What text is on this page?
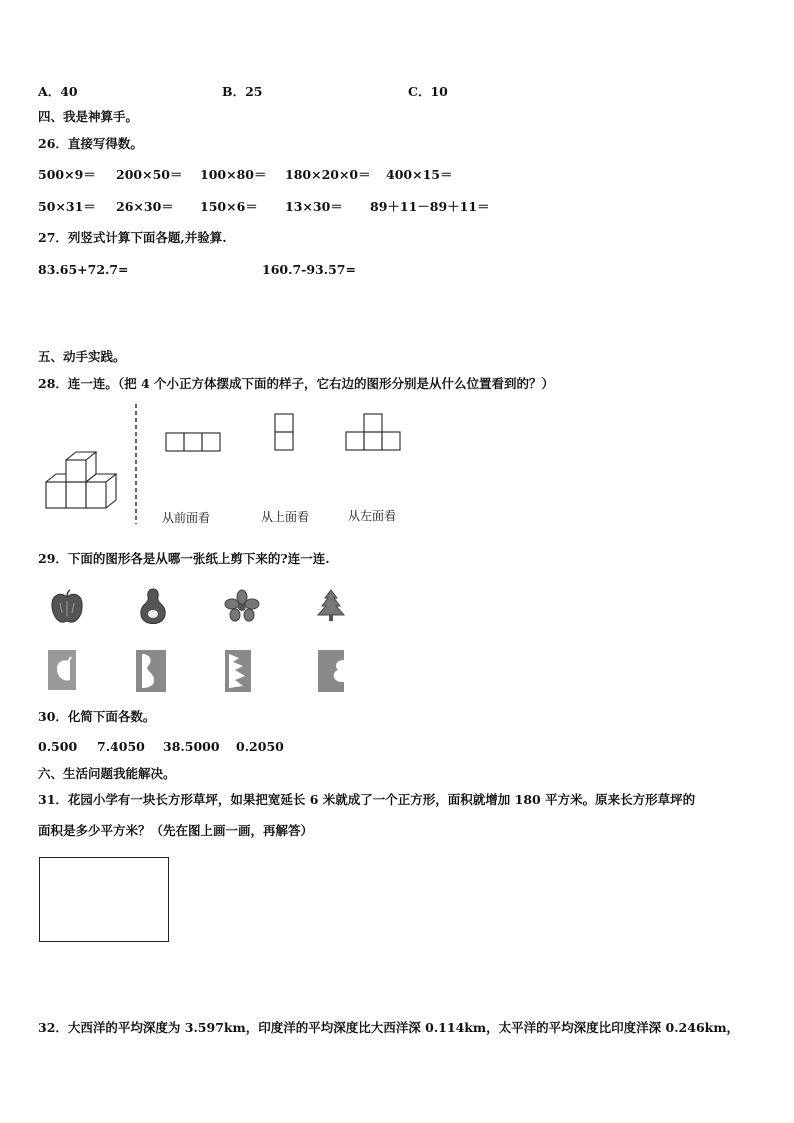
A．40	B．25	C．10
四、我是神算手。
26．直接写得数。
500×9＝ 200×50＝ 100×80＝ 180×20×0＝ 400×15＝
50×31＝ 26×30＝ 150×6＝ 13×30＝ 89＋11－89＋11＝
27．列竖式计算下面各题,并验算.
83.65+72.7=	160.7-93.57=
五、动手实践。
28．连一连。（把 4 个小正方体摆成下面的样子，它右边的图形分别是从什么位置看到的？）
从前面看	从上面看	从左面看
29．下面的图形各是从哪一张纸上剪下来的?连一连.
30．化简下面各数。
0.500 7.4050 38.5000 0.2050
六、生活问题我能解决。
31．花园小学有一块长方形草坪，如果把宽延长 6 米就成了一个正方形，面积就增加 180 平方米。原来长方形草坪的
面积是多少平方米？（先在图上画一画，再解答）
32．大西洋的平均深度为 3.597km，印度洋的平均深度比大西洋深 0.114km，太平洋的平均深度比印度洋深 0.246km，
